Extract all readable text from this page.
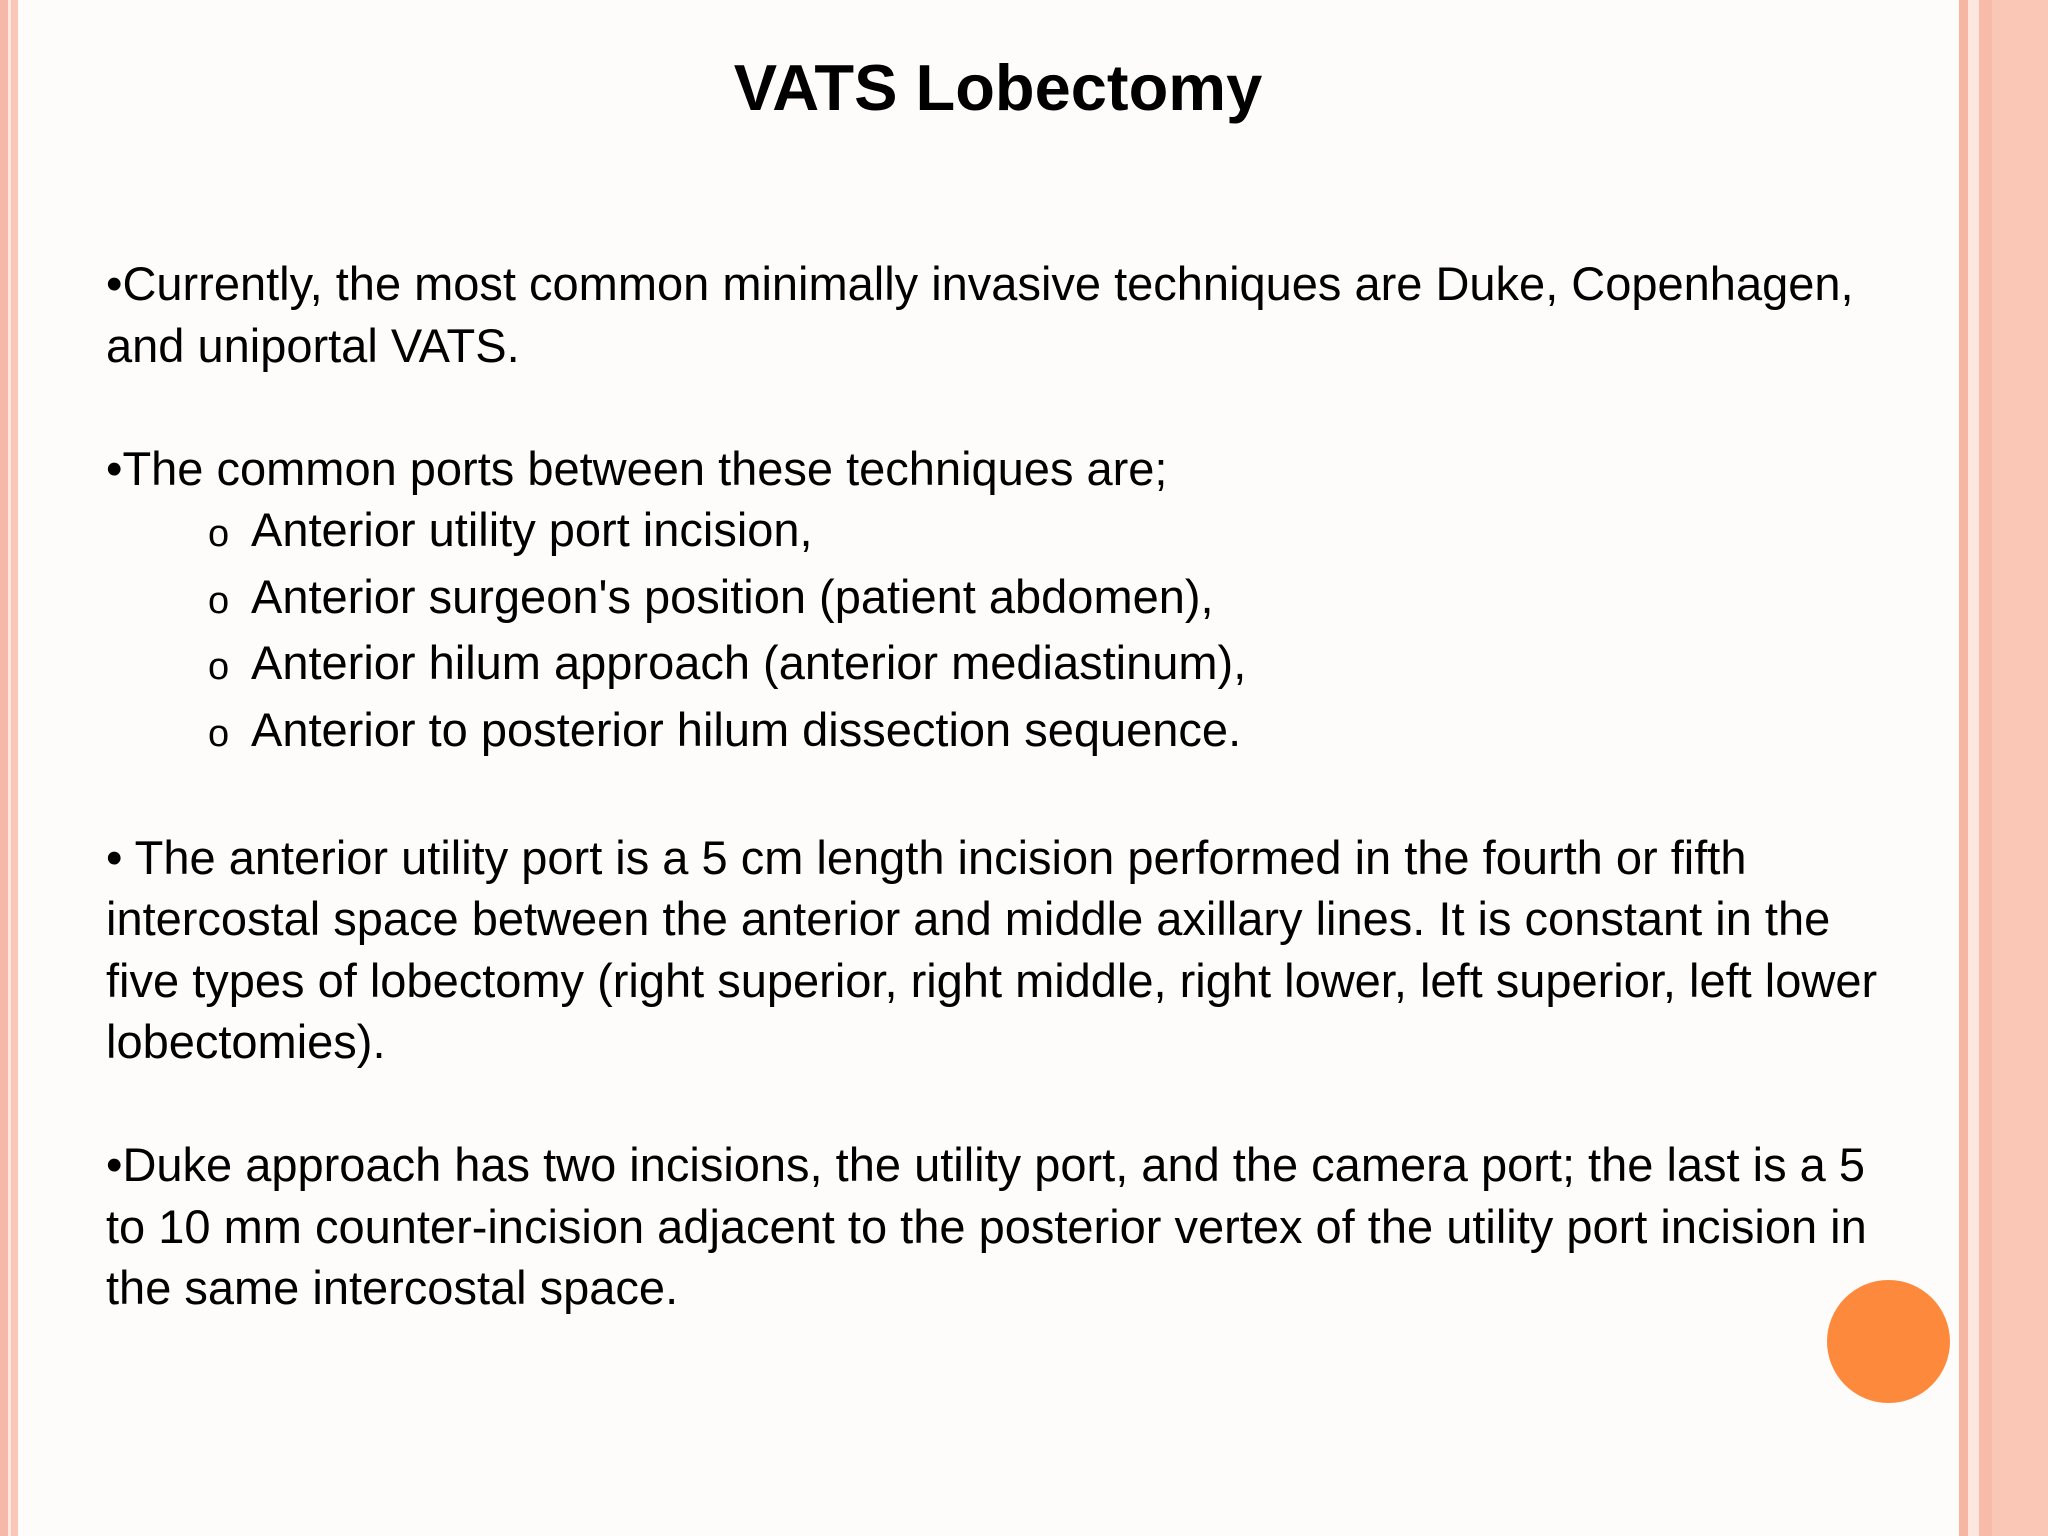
VATS Lobectomy

•Currently, the most common minimally invasive techniques are Duke, Copenhagen, and uniportal VATS.

•The common ports between these techniques are;

o Anterior utility port incision,
o Anterior surgeon's position (patient abdomen),
o Anterior hilum approach (anterior mediastinum),
o Anterior to posterior hilum dissection sequence.

• The anterior utility port is a 5 cm length incision performed in the fourth or fifth intercostal space between the anterior and middle axillary lines. It is constant in the five types of lobectomy (right superior, right middle, right lower, left superior, left lower lobectomies).

•Duke approach has two incisions, the utility port, and the camera port; the last is a 5 to 10 mm counter-incision adjacent to the posterior vertex of the utility port incision in the same intercostal space.
